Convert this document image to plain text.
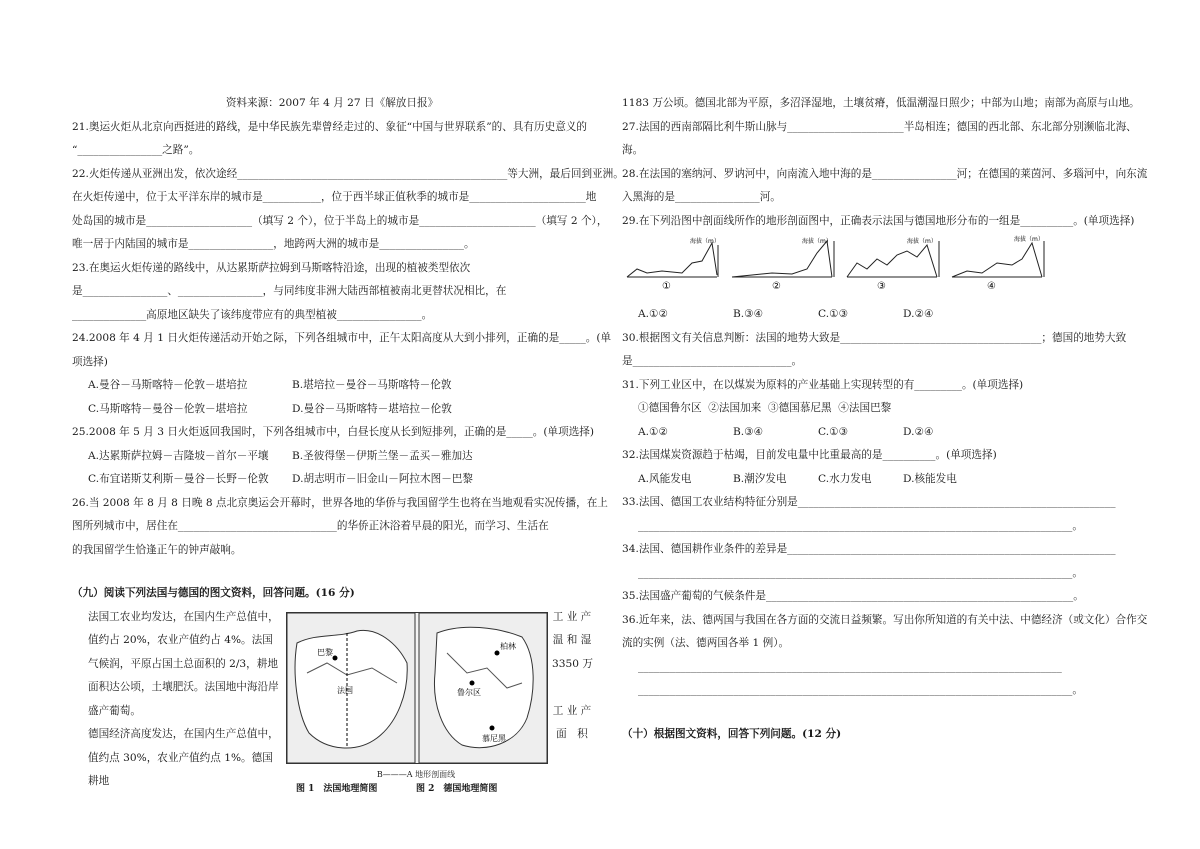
资料来源：2007 年 4 月 27 日《解放日报》

21.奥运火炬从北京向西挺进的路线，是中华民族先辈曾经走过的、象征“中国与世界联系”的、具有历史意义的

“________________之路”。

22.火炬传递从亚洲出发，依次途经___________________________________________________等大洲，最后回到亚洲。

在火炬传递中，位于太平洋东岸的城市是___________，位于西半球正值秋季的城市是______________________地

处岛国的城市是____________________（填写 2 个），位于半岛上的城市是______________________（填写 2 个），

唯一居于内陆国的城市是________________，地跨两大洲的城市是________________。

23.在奥运火炬传递的路线中，从达累斯萨拉姆到马斯喀特沿途，出现的植被类型依次

是________________、________________，与同纬度非洲大陆西部植被南北更替状况相比，在

______________高原地区缺失了该纬度带应有的典型植被________________。

24.2008 年 4 月 1 日火炬传递活动开始之际，下列各组城市中，正午太阳高度从大到小排列，正确的是_____。(单

项选择)

A.曼谷－马斯喀特－伦敦－堪培拉	B.堪培拉－曼谷－马斯喀特－伦敦

C.马斯喀特－曼谷－伦敦－堪培拉	D.曼谷－马斯喀特－堪培拉－伦敦

25.2008 年 5 月 3 日火炬返回我国时，下列各组城市中，白昼长度从长到短排列，正确的是_____。(单项选择)

A.达累斯萨拉姆－吉隆坡－首尔－平壤 B.圣彼得堡－伊斯兰堡－孟买－雅加达

C.布宜诺斯艾利斯－曼谷－长野－伦敦 D.胡志明市－旧金山－阿拉木图－巴黎

26.当 2008 年 8 月 8 日晚 8 点北京奥运会开幕时，世界各地的华侨与我国留学生也将在当地观看实况传播，在上

图所列城市中，居住在______________________________的华侨正沐浴着早晨的阳光，而学习、生活在

的我国留学生恰逢正午的钟声敲响。

（九）阅读下列法国与德国的图文资料，回答问题。(16 分)

法国工农业均发达，在国内生产总值中，值约占 20%，农业产值约占 4%。法国气候润，平原占国土总面积的 2/3，耕地面积达公顷，土壤肥沃。法国地中海沿岸盛产葡萄。

德国经济高度发达，在国内生产总值中，值约点 30%，农业产值约点 1%。德国耕地

巴黎
法国	鲁尔区
柏林
慕尼黑
B———A 地形剖面线
图 1　法国地理简图	图 2　德国地理简图

工 业 产

温 和 湿

3350 万

工 业 产

面　积

1183 万公顷。德国北部为平原，多沼泽湿地，土壤贫瘠，低温潮湿日照少；中部为山地；南部为高原与山地。

27.法国的西南部隔比利牛斯山脉与______________________半岛相连；德国的西北部、东北部分别濒临北海、

海。

28.在法国的塞纳河、罗讷河中，向南流入地中海的是________________河；在德国的莱茵河、多瑙河中，向东流

入黑海的是________________河。

29.在下列沿图中剖面线所作的地形剖面图中，正确表示法国与德国地形分布的一组是__________。(单项选择)

海拔（m）
①
海拔（m）
②
海拔（m）
③
海拔（m）
④

A.①②	B.③④	C.①③	D.②④

30.根据图文有关信息判断：法国的地势大致是______________________________________；德国的地势大致

是______________________________。

31.下列工业区中，在以煤炭为原料的产业基础上实现转型的有_________。(单项选择)

①德国鲁尔区  ②法国加来  ③德国慕尼黑  ④法国巴黎

A.①②	B.③④	C.①③	D.②④

32.法国煤炭资源趋于枯竭，目前发电量中比重最高的是__________。(单项选择)

A.风能发电	B.潮汐发电	C.水力发电	D.核能发电

33.法国、德国工农业结构特征分别是____________________________________________________________

__________________________________________________________________________________。

34.法国、德国耕作业条件的差异是______________________________________________________________

__________________________________________________________________________________。

35.法国盛产葡萄的气候条件是__________________________________________________________。

36.近年来，法、德两国与我国在各方面的交流日益频繁。写出你所知道的有关中法、中德经济（或文化）合作交

流的实例（法、德两国各举 1 例）。

________________________________________________________________________________

__________________________________________________________________________________。

（十）根据图文资料，回答下列问题。(12 分)
